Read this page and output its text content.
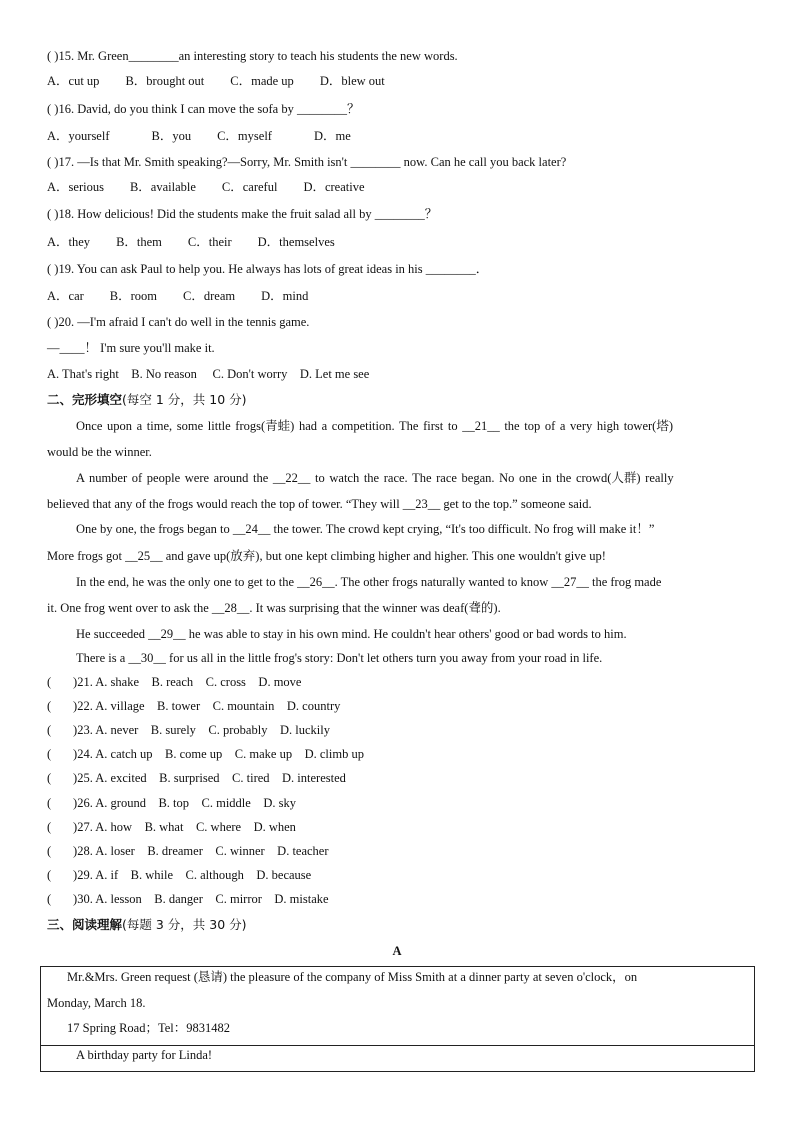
( )15. Mr. Green________an interesting story to teach his students the new words.
A．cut up B．brought out C．made up D．blew out
( )16. David, do you think I can move the sofa by ________？
A．yourself	B．you C．myself	D．me
( )17. —Is that Mr. Smith speaking?—Sorry, Mr. Smith isn't ________ now. Can he call you back later?
A．serious B．available C．careful D．creative
( )18. How delicious! Did the students make the fruit salad all by ________？
A．they B．them C．their D．themselves
( )19. You can ask Paul to help you. He always has lots of great ideas in his ________．
A．car B．room C．dream D．mind
( )20. —I'm afraid I can't do well in the tennis game.
—____！ I'm sure you'll make it.
A. That's right    B. No reason     C. Don't worry    D. Let me see
二、完形填空(每空 1 分，共 10 分)
Once upon a time, some little frogs(青蛙) had a competition. The first to __21__ the top of a very high tower(塔)
would be the winner.
A number of people were around the __22__ to watch the race. The race began. No one in the crowd(人群) really
believed that any of the frogs would reach the top of tower. “They will __23__ get to the top.” someone said.
One by one, the frogs began to __24__ the tower. The crowd kept crying, “It's too difficult. No frog will make it！”
More frogs got __25__ and gave up(放弃), but one kept climbing higher and higher. This one wouldn't give up!
In the end, he was the only one to get to the __26__. The other frogs naturally wanted to know __27__ the frog made
it. One frog went over to ask the __28__. It was surprising that the winner was deaf(聋的).
He succeeded __29__ he was able to stay in his own mind. He couldn't hear others' good or bad words to him.
There is a __30__ for us all in the little frog's story: Don't let others turn you away from your road in life.
(       )21. A. shake    B. reach    C. cross    D. move
(       )22. A. village    B. tower    C. mountain    D. country
(       )23. A. never    B. surely    C. probably    D. luckily
(       )24. A. catch up    B. come up    C. make up    D. climb up
(       )25. A. excited    B. surprised    C. tired    D. interested
(       )26. A. ground    B. top    C. middle    D. sky
(       )27. A. how    B. what    C. where    D. when
(       )28. A. loser    B. dreamer    C. winner    D. teacher
(       )29. A. if    B. while    C. although    D. because
(       )30. A. lesson    B. danger    C. mirror    D. mistake
三、阅读理解(每题 3 分，共 30 分)
A
Mr.&Mrs. Green request (恳请) the pleasure of the company of Miss Smith at a dinner party at seven o'clock，on
Monday, March 18.
17 Spring Road；Tel：9831482
A birthday party for Linda!
